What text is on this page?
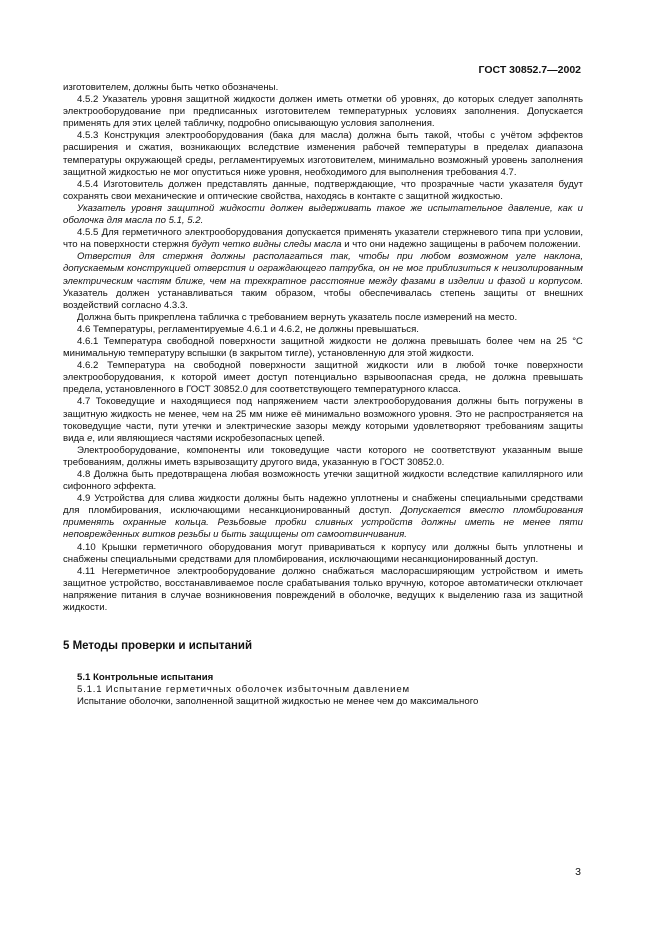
ГОСТ 30852.7—2002

изготовителем, должны быть четко обозначены.

4.5.2 Указатель уровня защитной жидкости должен иметь отметки об уровнях, до которых следует заполнять электрооборудование при предписанных изготовителем температурных условиях заполнения. Допускается применять для этих целей табличку, подробно описывающую условия заполнения.

4.5.3 Конструкция электрооборудования (бака для масла) должна быть такой, чтобы с учётом эффектов расширения и сжатия, возникающих вследствие изменения рабочей температуры в пределах диапазона температуры окружающей среды, регламентируемых изготовителем, минимально возможный уровень заполнения защитной жидкостью не мог опуститься ниже уровня, необходимого для выполнения требования 4.7.

4.5.4 Изготовитель должен представлять данные, подтверждающие, что прозрачные части указателя будут сохранять свои механические и оптические свойства, находясь в контакте с защитной жидкостью.

Указатель уровня защитной жидкости должен выдерживать такое же испытательное давление, как и оболочка для масла по 5.1, 5.2.

4.5.5 Для герметичного электрооборудования допускается применять указатели стержневого типа при условии, что на поверхности стержня будут четко видны следы масла и что они надежно защищены в рабочем положении.

Отверстия для стержня должны располагаться так, чтобы при любом возможном угле наклона, допускаемым конструкцией отверстия и ограждающего патрубка, он не мог приблизиться к неизолированным электрическим частям ближе, чем на трехкратное расстояние между фазами в изделии и фазой и корпусом. Указатель должен устанавливаться таким образом, чтобы обеспечивалась степень защиты от внешних воздействий согласно 4.3.3.

Должна быть прикреплена табличка с требованием вернуть указатель после измерений на место.

4.6 Температуры, регламентируемые 4.6.1 и 4.6.2, не должны превышаться.

4.6.1 Температура свободной поверхности защитной жидкости не должна превышать более чем на 25 °С минимальную температуру вспышки (в закрытом тигле), установленную для этой жидкости.

4.6.2 Температура на свободной поверхности защитной жидкости или в любой точке поверхности электрооборудования, к которой имеет доступ потенциально взрывоопасная среда, не должна превышать предела, установленного в ГОСТ 30852.0 для соответствующего температурного класса.

4.7 Токоведущие и находящиеся под напряжением части электрооборудования должны быть погружены в защитную жидкость не менее, чем на 25 мм ниже её минимально возможного уровня. Это не распространяется на токоведущие части, пути утечки и электрические зазоры между которыми удовлетворяют требованиям защиты вида е, или являющиеся частями искробезопасных цепей.

Электрооборудование, компоненты или токоведущие части которого не соответствуют указанным выше требованиям, должны иметь взрывозащиту другого вида, указанную в ГОСТ 30852.0.

4.8 Должна быть предотвращена любая возможность утечки защитной жидкости вследствие капиллярного или сифонного эффекта.

4.9 Устройства для слива жидкости должны быть надежно уплотнены и снабжены специальными средствами для пломбирования, исключающими несанкционированный доступ. Допускается вместо пломбирования применять охранные кольца. Резьбовые пробки сливных устройств должны иметь не менее пяти неповрежденных витков резьбы и быть защищены от самоотвинчивания.

4.10 Крышки герметичного оборудования могут привариваться к корпусу или должны быть уплотнены и снабжены специальными средствами для пломбирования, исключающими несанкционированный доступ.

4.11 Негерметичное электрооборудование должно снабжаться маслорасширяющим устройством и иметь защитное устройство, восстанавливаемое после срабатывания только вручную, которое автоматически отключает напряжение питания в случае возникновения повреждений в оболочке, ведущих к выделению газа из защитной жидкости.

5 Методы проверки и испытаний

5.1 Контрольные испытания

5.1.1 Испытание герметичных оболочек избыточным давлением

Испытание оболочки, заполненной защитной жидкостью не менее чем до максимального

3
